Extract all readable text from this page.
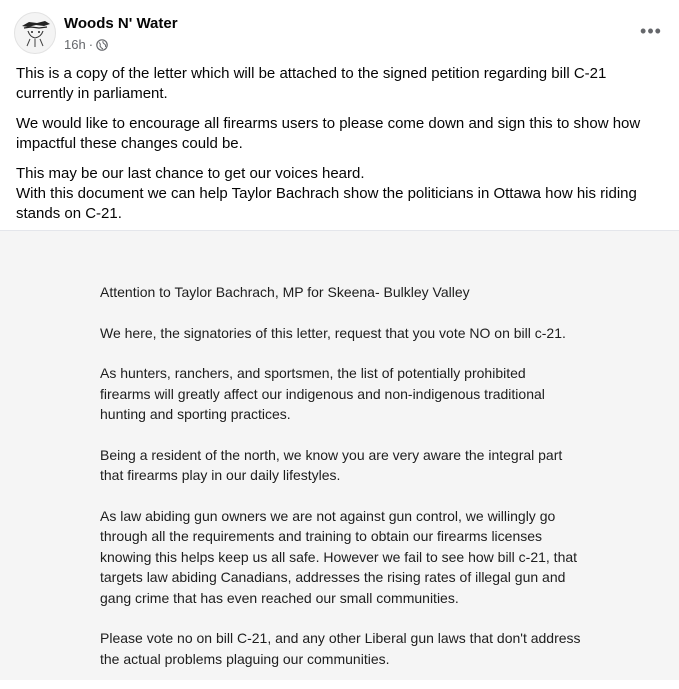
Woods N' Water
16h ·
•••

This is a copy of the letter which will be attached to the signed petition regarding bill C-21
currently in parliament.

We would like to encourage all firearms users to please come down and sign this to show how
impactful these changes could be.

This may be our last chance to get our voices heard.
With this document we can help Taylor Bachrach show the politicians in Ottawa how his riding
stands on C-21.

Attention to Taylor Bachrach, MP for Skeena- Bulkley Valley

We here, the signatories of this letter, request that you vote NO on bill c-21.

As hunters, ranchers, and sportsmen, the list of potentially prohibited
firearms will greatly affect our indigenous and non-indigenous traditional
hunting and sporting practices.

Being a resident of the north, we know you are very aware the integral part
that firearms play in our daily lifestyles.

As law abiding gun owners we are not against gun control, we willingly go
through all the requirements and training to obtain our firearms licenses
knowing this helps keep us all safe. However we fail to see how bill c-21, that
targets law abiding Canadians, addresses the rising rates of illegal gun and
gang crime that has even reached our small communities.

Please vote no on bill C-21, and any other Liberal gun laws that don't address
the actual problems plaguing our communities.
